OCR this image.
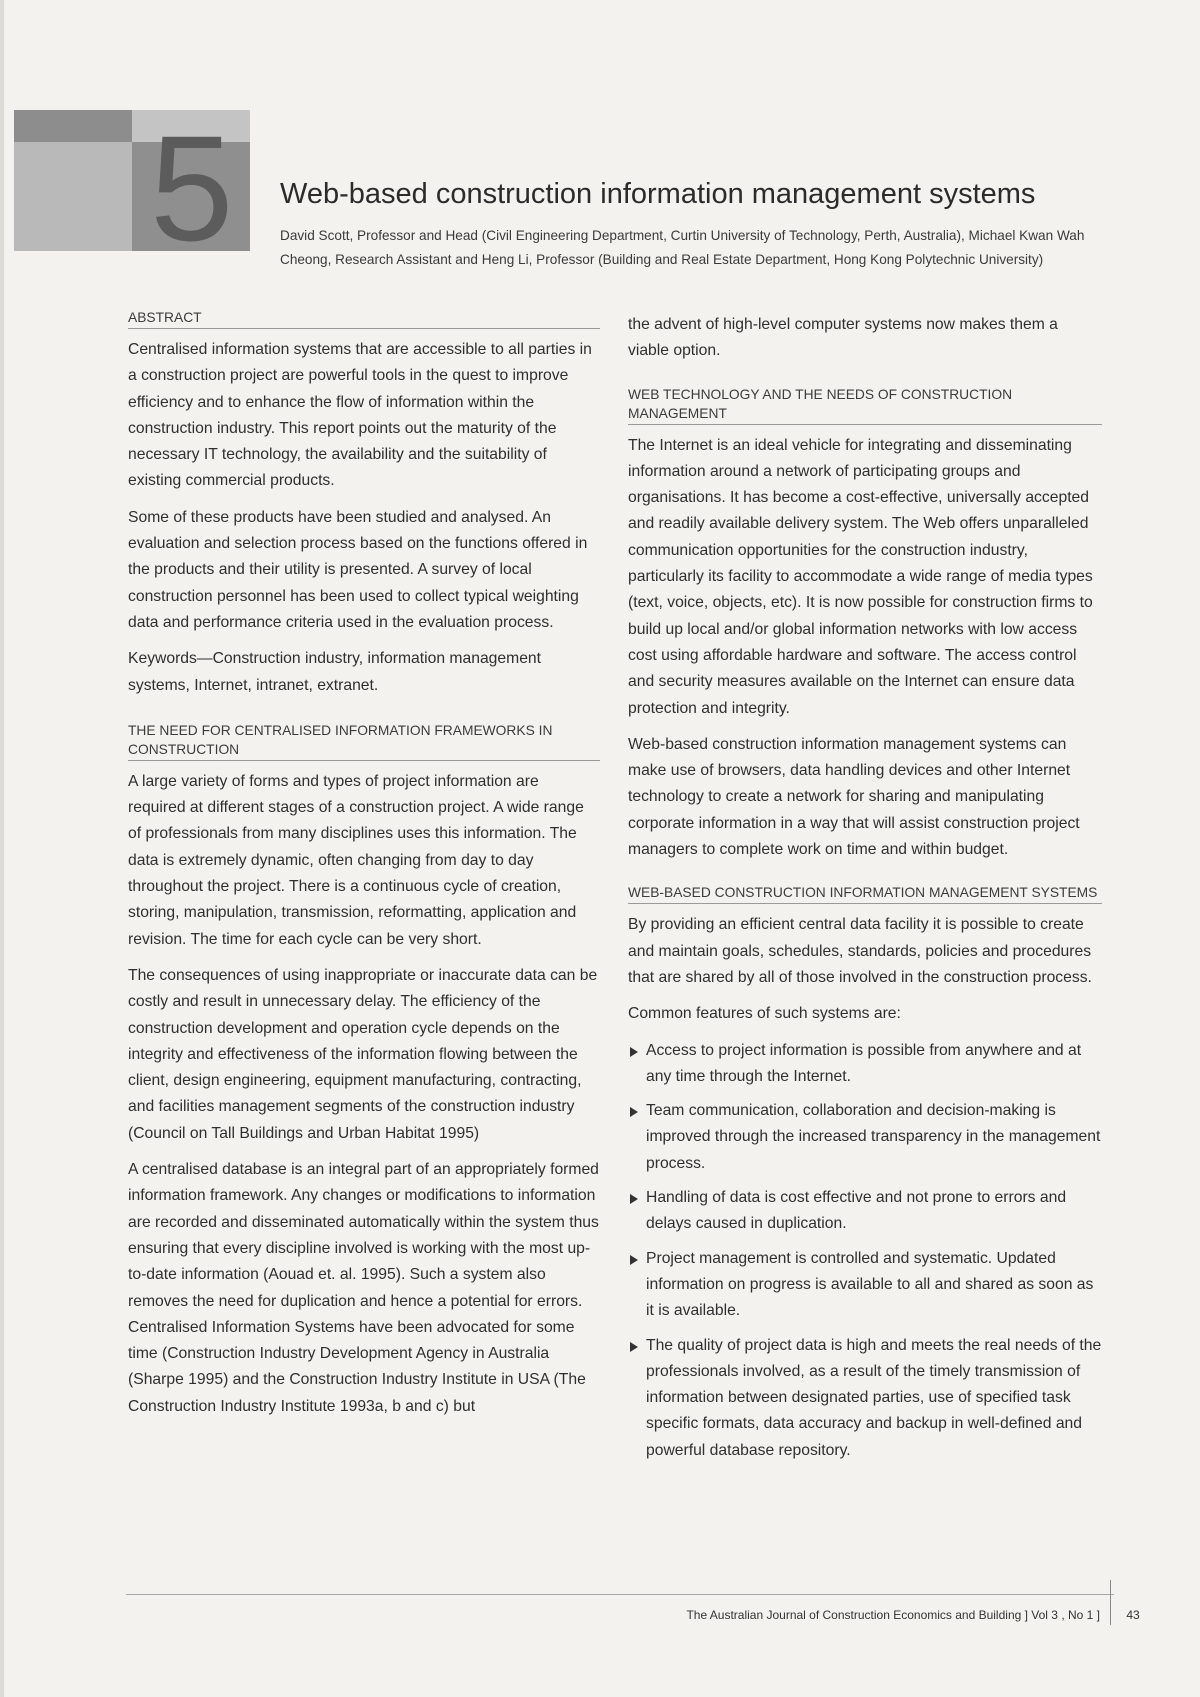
5 Web-based construction information management systems

David Scott, Professor and Head (Civil Engineering Department, Curtin University of Technology, Perth, Australia), Michael Kwan Wah Cheong, Research Assistant and Heng Li, Professor (Building and Real Estate Department, Hong Kong Polytechnic University)

ABSTRACT

Centralised information systems that are accessible to all parties in a construction project are powerful tools in the quest to improve efficiency and to enhance the flow of information within the construction industry. This report points out the maturity of the necessary IT technology, the availability and the suitability of existing commercial products.

Some of these products have been studied and analysed. An evaluation and selection process based on the functions offered in the products and their utility is presented. A survey of local construction personnel has been used to collect typical weighting data and performance criteria used in the evaluation process.

Keywords—Construction industry, information management systems, Internet, intranet, extranet.

THE NEED FOR CENTRALISED INFORMATION FRAMEWORKS IN CONSTRUCTION

A large variety of forms and types of project information are required at different stages of a construction project. A wide range of professionals from many disciplines uses this information. The data is extremely dynamic, often changing from day to day throughout the project. There is a continuous cycle of creation, storing, manipulation, transmission, reformatting, application and revision. The time for each cycle can be very short.

The consequences of using inappropriate or inaccurate data can be costly and result in unnecessary delay. The efficiency of the construction development and operation cycle depends on the integrity and effectiveness of the information flowing between the client, design engineering, equipment manufacturing, contracting, and facilities management segments of the construction industry (Council on Tall Buildings and Urban Habitat 1995)

A centralised database is an integral part of an appropriately formed information framework. Any changes or modifications to information are recorded and disseminated automatically within the system thus ensuring that every discipline involved is working with the most up-to-date information (Aouad et. al. 1995). Such a system also removes the need for duplication and hence a potential for errors. Centralised Information Systems have been advocated for some time (Construction Industry Development Agency in Australia (Sharpe 1995) and the Construction Industry Institute in USA (The Construction Industry Institute 1993a, b and c) but

the advent of high-level computer systems now makes them a viable option.

WEB TECHNOLOGY AND THE NEEDS OF CONSTRUCTION MANAGEMENT

The Internet is an ideal vehicle for integrating and disseminating information around a network of participating groups and organisations. It has become a cost-effective, universally accepted and readily available delivery system. The Web offers unparalleled communication opportunities for the construction industry, particularly its facility to accommodate a wide range of media types (text, voice, objects, etc). It is now possible for construction firms to build up local and/or global information networks with low access cost using affordable hardware and software. The access control and security measures available on the Internet can ensure data protection and integrity.

Web-based construction information management systems can make use of browsers, data handling devices and other Internet technology to create a network for sharing and manipulating corporate information in a way that will assist construction project managers to complete work on time and within budget.

WEB-BASED CONSTRUCTION INFORMATION MANAGEMENT SYSTEMS

By providing an efficient central data facility it is possible to create and maintain goals, schedules, standards, policies and procedures that are shared by all of those involved in the construction process.

Common features of such systems are:

Access to project information is possible from anywhere and at any time through the Internet.
Team communication, collaboration and decision-making is improved through the increased transparency in the management process.
Handling of data is cost effective and not prone to errors and delays caused in duplication.
Project management is controlled and systematic. Updated information on progress is available to all and shared as soon as it is available.
The quality of project data is high and meets the real needs of the professionals involved, as a result of the timely transmission of information between designated parties, use of specified task specific formats, data accuracy and backup in well-defined and powerful database repository.
The Australian Journal of Construction Economics and Building ] Vol 3 , No 1 ]	43
